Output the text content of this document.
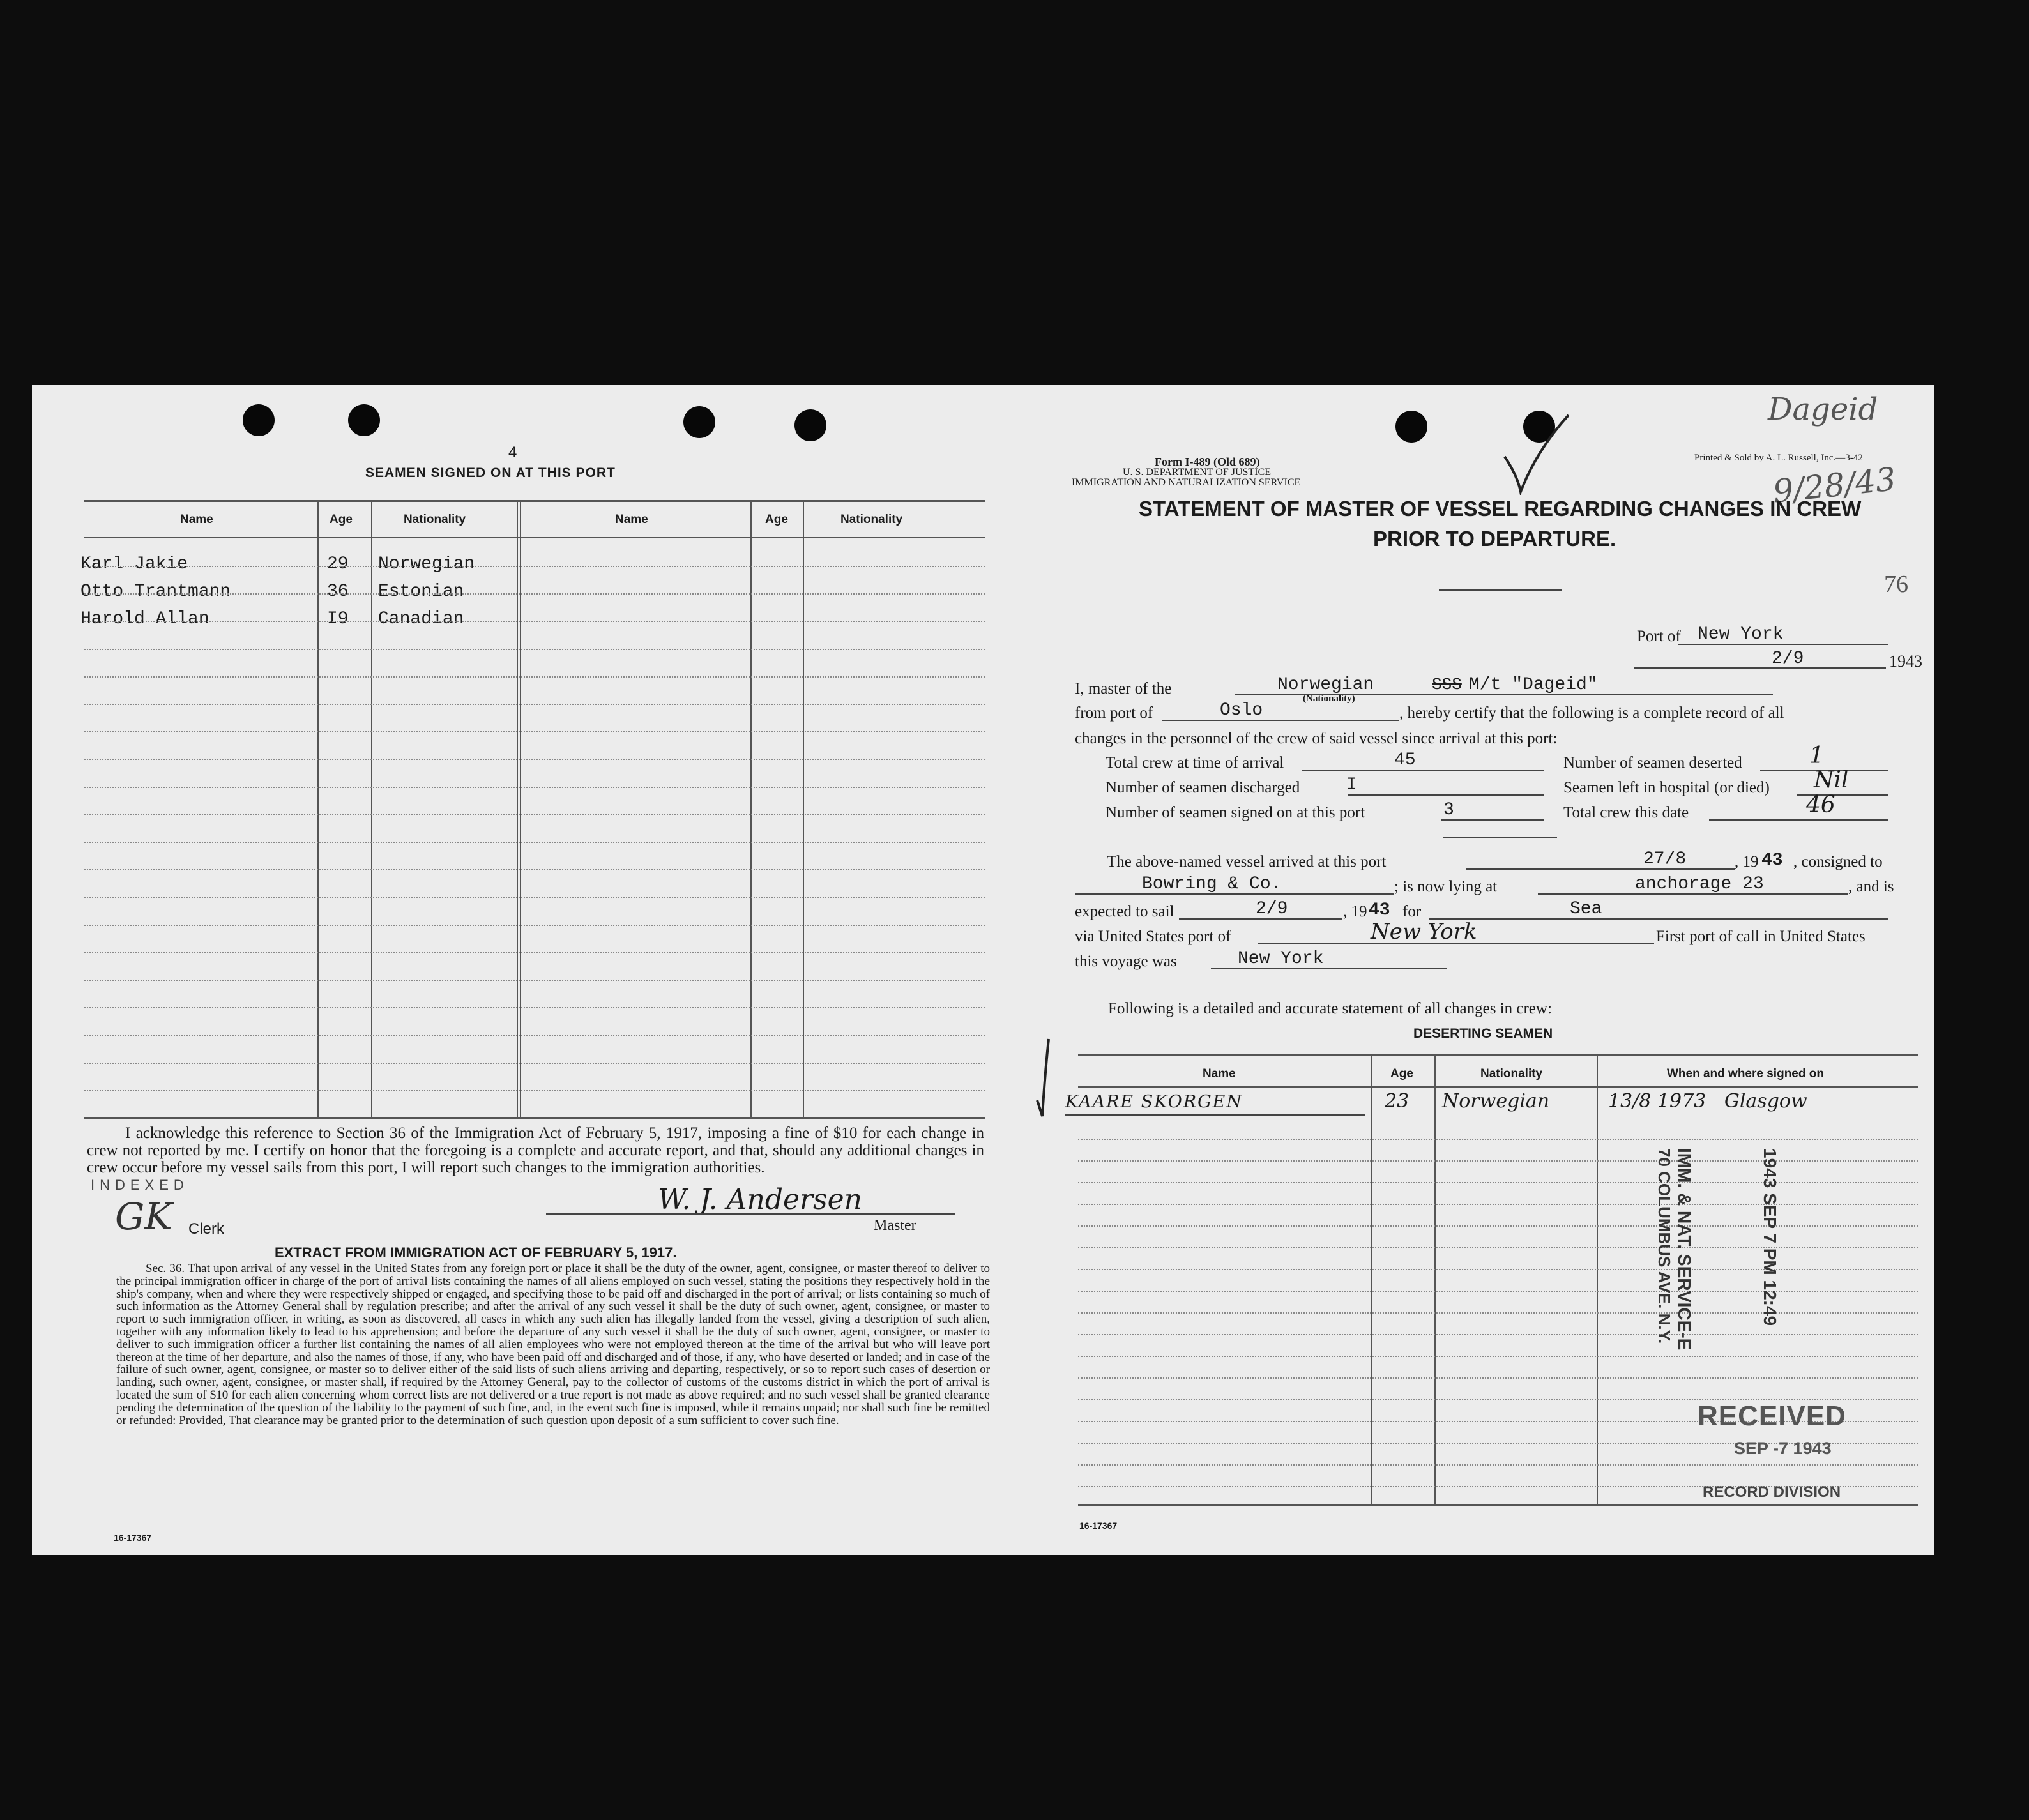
4
SEAMEN SIGNED ON AT THIS PORT
Name	Age	Nationality	Name	Age	Nationality
Karl Jakie	29 Norwegian
Otto Trantmann	36 Estonian
Harold Allan	I9 Canadian
I acknowledge this reference to Section 36 of the Immigration Act of February 5, 1917, imposing a fine of $10 for each change in crew not reported by me. I certify on honor that the foregoing is a complete and accurate report, and that, should any additional changes in crew occur before my vessel sails from this port, I will report such changes to the immigration authorities.
INDEXED
GK Clerk
W. J. Andersen
Master
EXTRACT FROM IMMIGRATION ACT OF FEBRUARY 5, 1917.
Sec. 36. That upon arrival of any vessel in the United States from any foreign port or place it shall be the duty of the owner, agent, consignee, or master thereof to deliver to the principal immigration officer in charge of the port of arrival lists containing the names of all aliens employed on such vessel, stating the positions they respectively hold in the ship's company, when and where they were respectively shipped or engaged, and specifying those to be paid off and discharged in the port of arrival; or lists containing so much of such information as the Attorney General shall by regulation prescribe; and after the arrival of any such vessel it shall be the duty of such owner, agent, consignee, or master to report to such immigration officer, in writing, as soon as discovered, all cases in which any such alien has illegally landed from the vessel, giving a description of such alien, together with any information likely to lead to his apprehension; and before the departure of any such vessel it shall be the duty of such owner, agent, consignee, or master to deliver to such immigration officer a further list containing the names of all alien employees who were not employed thereon at the time of the arrival but who will leave port thereon at the time of her departure, and also the names of those, if any, who have been paid off and discharged and of those, if any, who have deserted or landed; and in case of the failure of such owner, agent, consignee, or master so to deliver either of the said lists of such aliens arriving and departing, respectively, or so to report such cases of desertion or landing, such owner, agent, consignee, or master shall, if required by the Attorney General, pay to the collector of customs of the customs district in which the port of arrival is located the sum of $10 for each alien concerning whom correct lists are not delivered or a true report is not made as above required; and no such vessel shall be granted clearance pending the determination of the question of the liability to the payment of such fine, and, in the event such fine is imposed, while it remains unpaid; nor shall such fine be remitted or refunded: Provided, That clearance may be granted prior to the determination of such question upon deposit of a sum sufficient to cover such fine.
16-17367
Dageid
9/28/43
Form I-489 (Old 689)
U. S. DEPARTMENT OF JUSTICE
IMMIGRATION AND NATURALIZATION SERVICE
Printed & Sold by A. L. Russell, Inc.—3-42
STATEMENT OF MASTER OF VESSEL REGARDING CHANGES IN CREW
PRIOR TO DEPARTURE.
76
Port of New York
2/9	1943
I, master of the	Norwegian
(Nationality)
SSS M/t "Dageid"
from port of	Oslo	, hereby certify that the following is a complete record of all
changes in the personnel of the crew of said vessel since arrival at this port:
Total crew at time of arrival	45
Number of seamen discharged	I
Number of seamen signed on at this port	3
Number of seamen deserted	1
Seamen left in hospital (or died) Nil
Total crew this date	46
The above-named vessel arrived at this port	27/8	, 19 43 , consigned to
Bowring & Co.	; is now lying at	anchorage 23	, and is
expected to sail	2/9	, 19 43 for	Sea
via United States port of	New York	First port of call in United States
this voyage was	New York
Following is a detailed and accurate statement of all changes in crew:
DESERTING SEAMEN
Name	Age	Nationality	When and where signed on
KAARE SKORGEN	23 Norwegian	13/8 1973   Glasgow
IMM. & NAT. SERVICE-E
70 COLUMBUS AVE. N.Y.	1943 SEP 7 PM 12:49
RECEIVED
SEP -7 1943
RECORD DIVISION
16-17367
